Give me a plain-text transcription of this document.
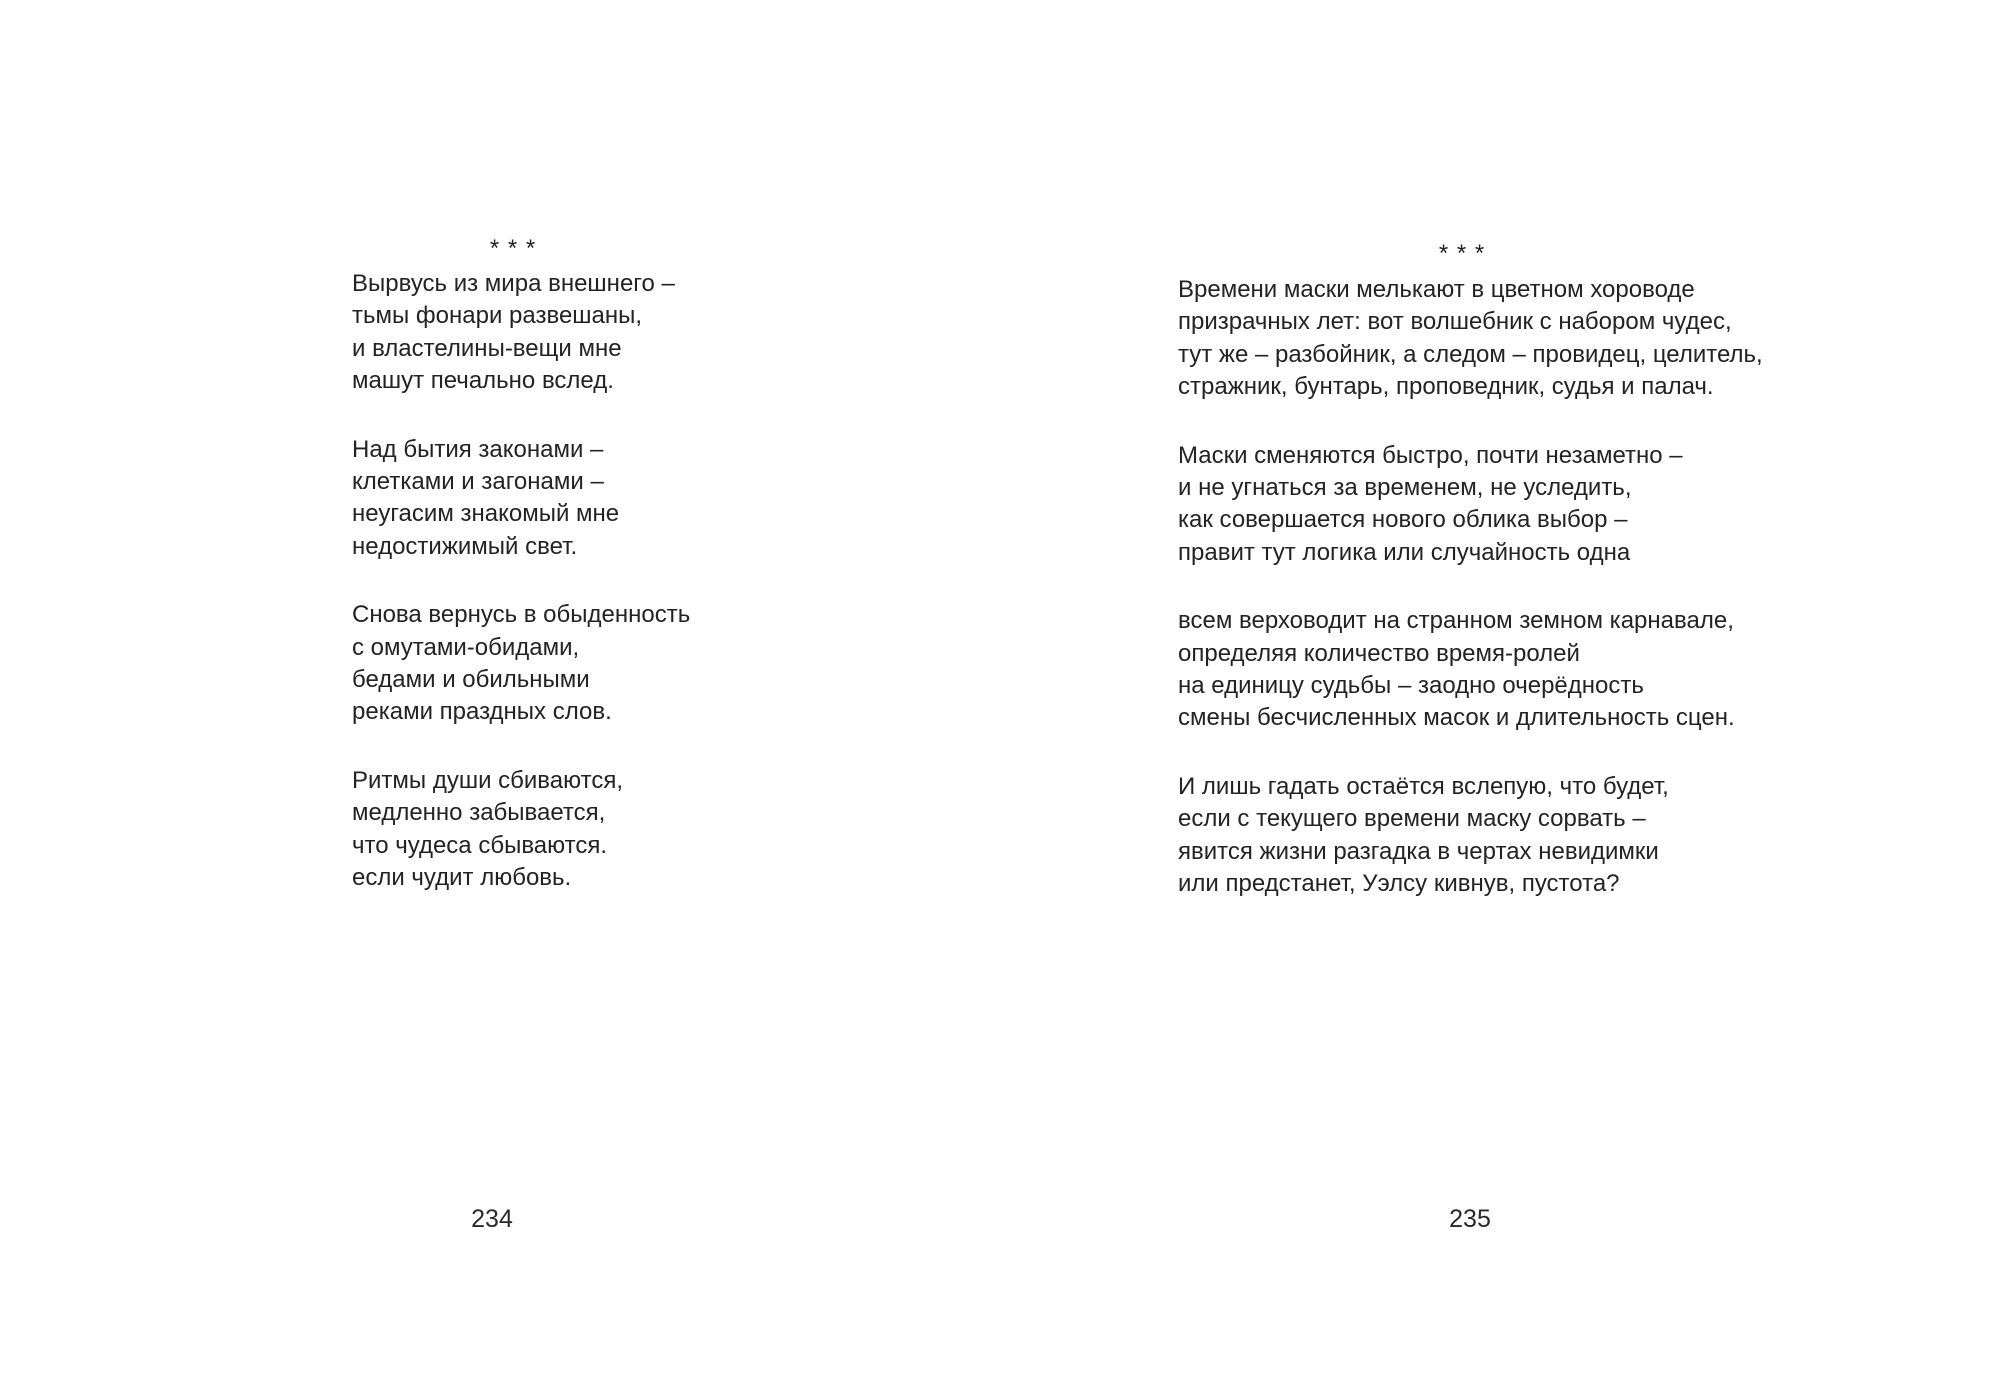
* * *
Вырвусь из мира внешнего –
тьмы фонари развешаны,
и властелины-вещи мне
машут печально вслед.
Над бытия законами –
клетками и загонами –
неугасим знакомый мне
недостижимый свет.
Снова вернусь в обыденность
с омутами-обидами,
бедами и обильными
реками праздных слов.
Ритмы души сбиваются,
медленно забывается,
что чудеса сбываются.
если чудит любовь.
234
* * *
Времени маски мелькают в цветном хороводе
призрачных лет: вот волшебник с набором чудес,
тут же – разбойник, а следом – провидец, целитель,
стражник, бунтарь, проповедник, судья и палач.
Маски сменяются быстро, почти незаметно –
и не угнаться за временем, не уследить,
как совершается нового облика выбор –
правит тут логика или случайность одна
всем верховодит на странном земном карнавале,
определяя количество время-ролей
на единицу судьбы – заодно очерёдность
смены бесчисленных масок и длительность сцен.
И лишь гадать остаётся вслепую, что будет,
если с текущего времени маску сорвать –
явится жизни разгадка в чертах невидимки
или предстанет, Уэлсу кивнув, пустота?
235
